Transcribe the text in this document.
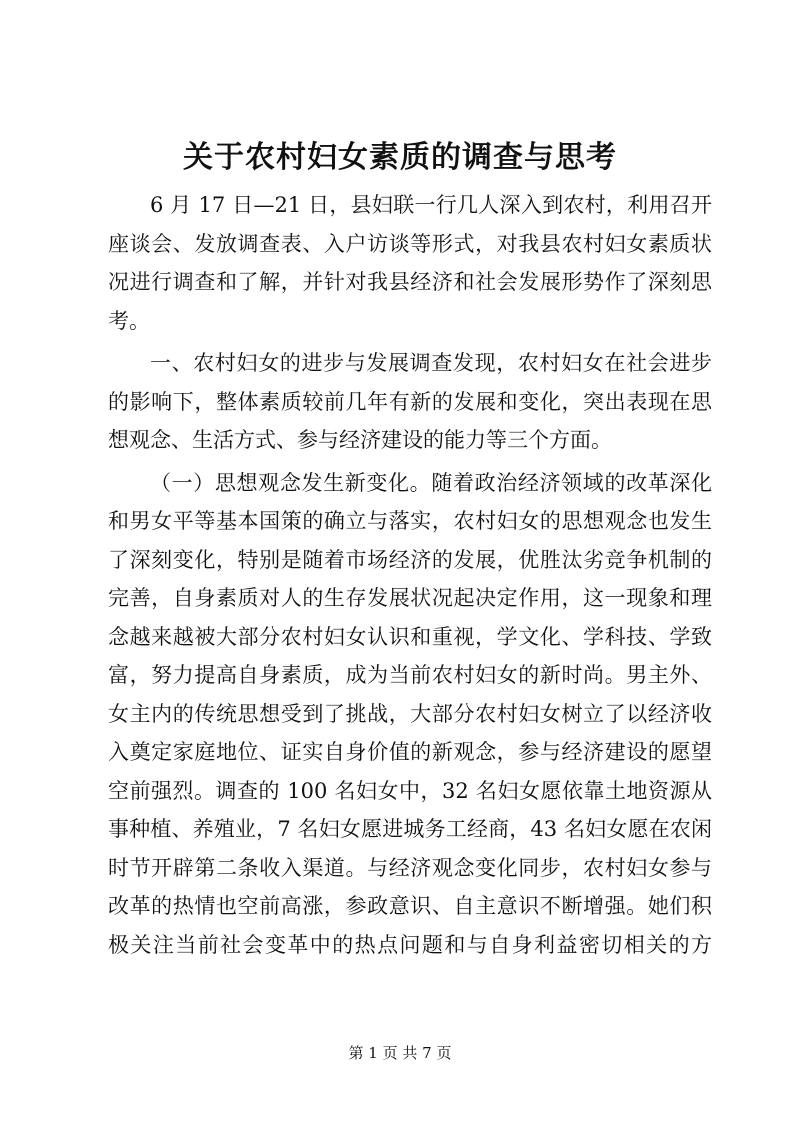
关于农村妇女素质的调查与思考
6 月 17 日—21 日，县妇联一行几人深入到农村，利用召开
座谈会、发放调查表、入户访谈等形式，对我县农村妇女素质状
况进行调查和了解，并针对我县经济和社会发展形势作了深刻思
考。
一、农村妇女的进步与发展调查发现，农村妇女在社会进步
的影响下，整体素质较前几年有新的发展和变化，突出表现在思
想观念、生活方式、参与经济建设的能力等三个方面。
（一）思想观念发生新变化。随着政治经济领域的改革深化
和男女平等基本国策的确立与落实，农村妇女的思想观念也发生
了深刻变化，特别是随着市场经济的发展，优胜汰劣竞争机制的
完善，自身素质对人的生存发展状况起决定作用，这一现象和理
念越来越被大部分农村妇女认识和重视，学文化、学科技、学致
富，努力提高自身素质，成为当前农村妇女的新时尚。男主外、
女主内的传统思想受到了挑战，大部分农村妇女树立了以经济收
入奠定家庭地位、证实自身价值的新观念，参与经济建设的愿望
空前强烈。调查的 100 名妇女中，32 名妇女愿依靠土地资源从
事种植、养殖业，7 名妇女愿进城务工经商，43 名妇女愿在农闲
时节开辟第二条收入渠道。与经济观念变化同步，农村妇女参与
改革的热情也空前高涨，参政意识、自主意识不断增强。她们积
极关注当前社会变革中的热点问题和与自身利益密切相关的方
第 1 页 共 7 页
